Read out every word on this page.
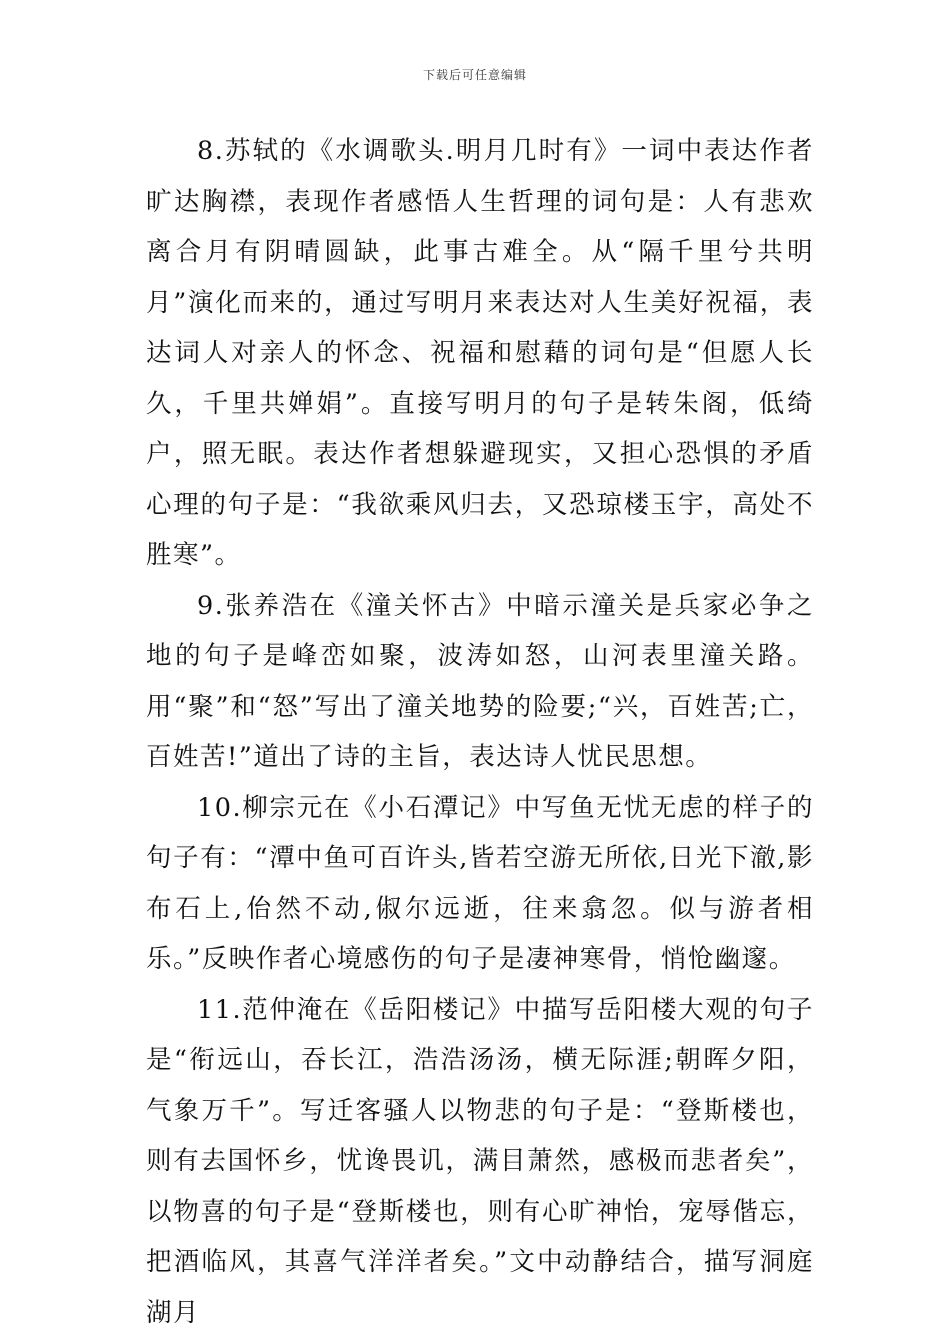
下载后可任意编辑

8.苏轼的《水调歌头.明月几时有》一词中表达作者旷达胸襟，表现作者感悟人生哲理的词句是：人有悲欢离合月有阴晴圆缺，此事古难全。从“隔千里兮共明月”演化而来的，通过写明月来表达对人生美好祝福，表达词人对亲人的怀念、祝福和慰藉的词句是“但愿人长久，千里共婵娟”。直接写明月的句子是转朱阁，低绮户，照无眠。表达作者想躲避现实，又担心恐惧的矛盾心理的句子是：“我欲乘风归去，又恐琼楼玉宇，高处不胜寒”。

9.张养浩在《潼关怀古》中暗示潼关是兵家必争之地的句子是峰峦如聚，波涛如怒，山河表里潼关路。用“聚”和“怒”写出了潼关地势的险要;“兴，百姓苦;亡，百姓苦!”道出了诗的主旨，表达诗人忧民思想。

10.柳宗元在《小石潭记》中写鱼无忧无虑的样子的句子有：“潭中鱼可百许头,皆若空游无所依,日光下澈,影布石上,佁然不动,俶尔远逝，往来翕忽。似与游者相乐。”反映作者心境感伤的句子是凄神寒骨，悄怆幽邃。

11.范仲淹在《岳阳楼记》中描写岳阳楼大观的句子是“衔远山，吞长江，浩浩汤汤，横无际涯;朝晖夕阳，气象万千”。写迁客骚人以物悲的句子是：“登斯楼也，则有去国怀乡，忧谗畏讥，满目萧然，感极而悲者矣”，以物喜的句子是“登斯楼也，则有心旷神怡，宠辱偕忘，把酒临风，其喜气洋洋者矣。”文中动静结合，描写洞庭湖月
